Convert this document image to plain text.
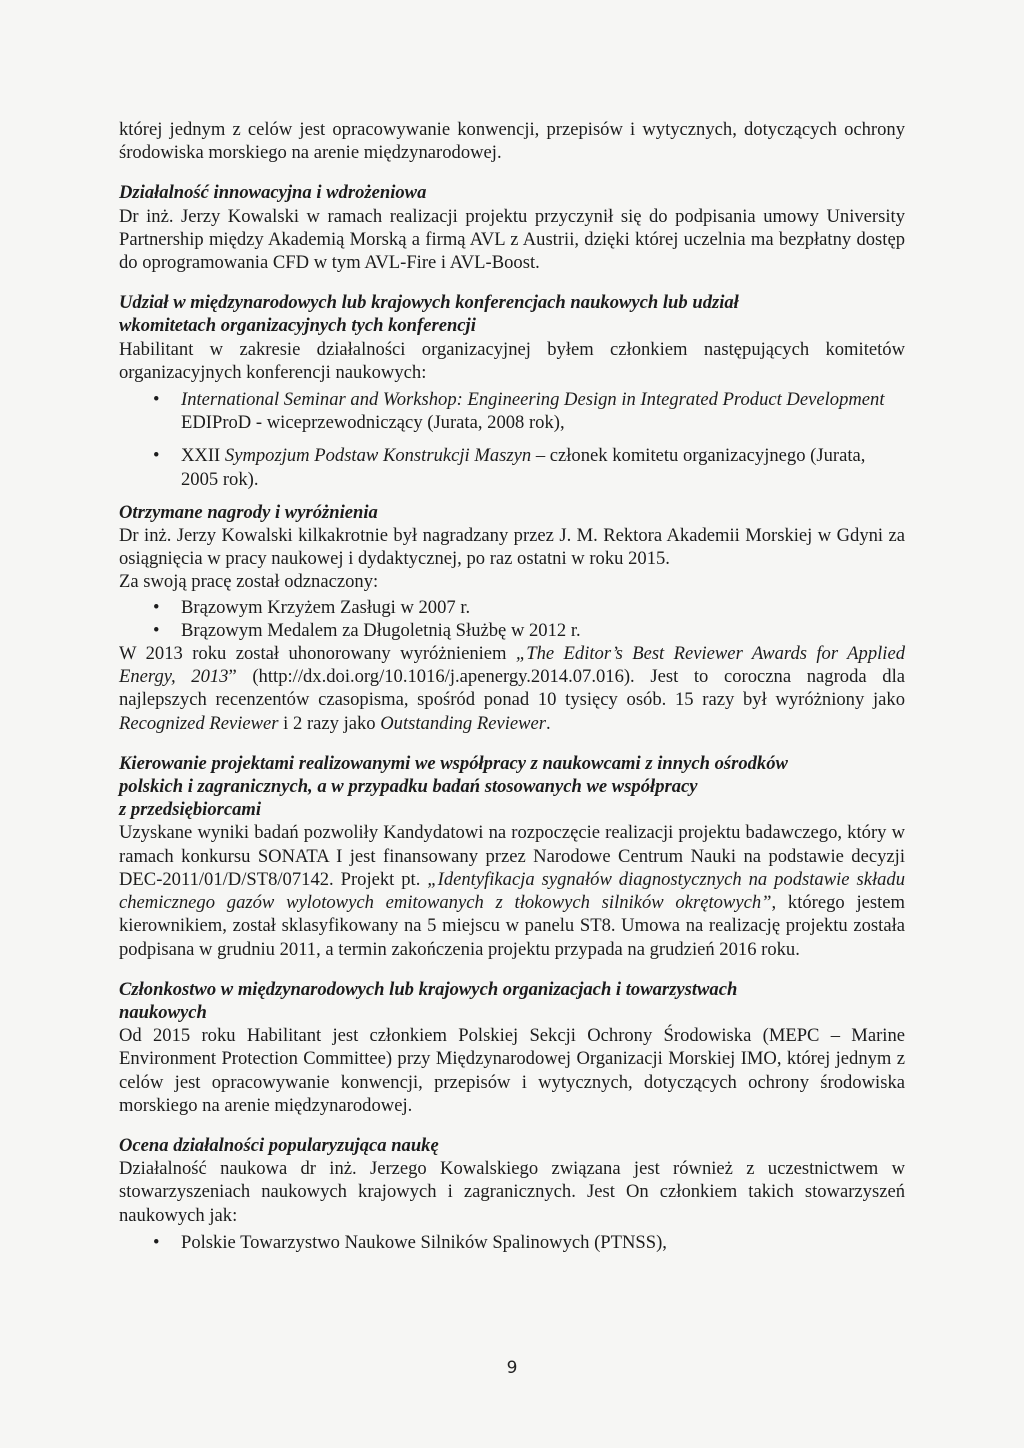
której jednym z celów jest opracowywanie konwencji, przepisów i wytycznych, dotyczących ochrony środowiska morskiego na arenie międzynarodowej.

Działalność innowacyjna i wdrożeniowa

Dr inż. Jerzy Kowalski w ramach realizacji projektu przyczynił się do podpisania umowy University Partnership między Akademią Morską a firmą AVL z Austrii, dzięki której uczelnia ma bezpłatny dostęp do oprogramowania CFD w tym AVL-Fire i AVL-Boost.

Udział w międzynarodowych lub krajowych konferencjach naukowych lub udział

wkomitetach organizacyjnych tych konferencji

Habilitant w zakresie działalności organizacyjnej byłem członkiem następujących komitetów organizacyjnych konferencji naukowych:

• International Seminar and Workshop: Engineering Design in Integrated Product Development EDIProD - wiceprzewodniczący (Jurata, 2008 rok),
• XXII Sympozjum Podstaw Konstrukcji Maszyn – członek komitetu organizacyjnego (Jurata, 2005 rok).

Otrzymane nagrody i wyróżnienia

Dr inż. Jerzy Kowalski kilkakrotnie był nagradzany przez J. M. Rektora Akademii Morskiej w Gdyni za osiągnięcia w pracy naukowej i dydaktycznej, po raz ostatni w roku 2015.

Za swoją pracę został odznaczony:

• Brązowym Krzyżem Zasługi w 2007 r.
• Brązowym Medalem za Długoletnią Służbę w 2012 r.

W 2013 roku został uhonorowany wyróżnieniem „The Editor’s Best Reviewer Awards for Applied Energy, 2013” (http://dx.doi.org/10.1016/j.apenergy.2014.07.016). Jest to coroczna nagroda dla najlepszych recenzentów czasopisma, spośród ponad 10 tysięcy osób. 15 razy był wyróżniony jako Recognized Reviewer i 2 razy jako Outstanding Reviewer.

Kierowanie projektami realizowanymi we współpracy z naukowcami z innych ośrodków

polskich i zagranicznych, a w przypadku badań stosowanych we współpracy

z przedsiębiorcami

Uzyskane wyniki badań pozwoliły Kandydatowi na rozpoczęcie realizacji projektu badawczego, który w ramach konkursu SONATA I jest finansowany przez Narodowe Centrum Nauki na podstawie decyzji DEC-2011/01/D/ST8/07142. Projekt pt. „Identyfikacja sygnałów diagnostycznych na podstawie składu chemicznego gazów wylotowych emitowanych z tłokowych silników okrętowych”, którego jestem kierownikiem, został sklasyfikowany na 5 miejscu w panelu ST8. Umowa na realizację projektu została podpisana w grudniu 2011, a termin zakończenia projektu przypada na grudzień 2016 roku.

Członkostwo w międzynarodowych lub krajowych organizacjach i towarzystwach

naukowych

Od 2015 roku Habilitant jest członkiem Polskiej Sekcji Ochrony Środowiska (MEPC – Marine Environment Protection Committee) przy Międzynarodowej Organizacji Morskiej IMO, której jednym z celów jest opracowywanie konwencji, przepisów i wytycznych, dotyczących ochrony środowiska morskiego na arenie międzynarodowej.

Ocena działalności popularyzująca naukę

Działalność naukowa dr inż. Jerzego Kowalskiego związana jest również z uczestnictwem w stowarzyszeniach naukowych krajowych i zagranicznych. Jest On członkiem takich stowarzyszeń naukowych jak:

• Polskie Towarzystwo Naukowe Silników Spalinowych (PTNSS),
9
